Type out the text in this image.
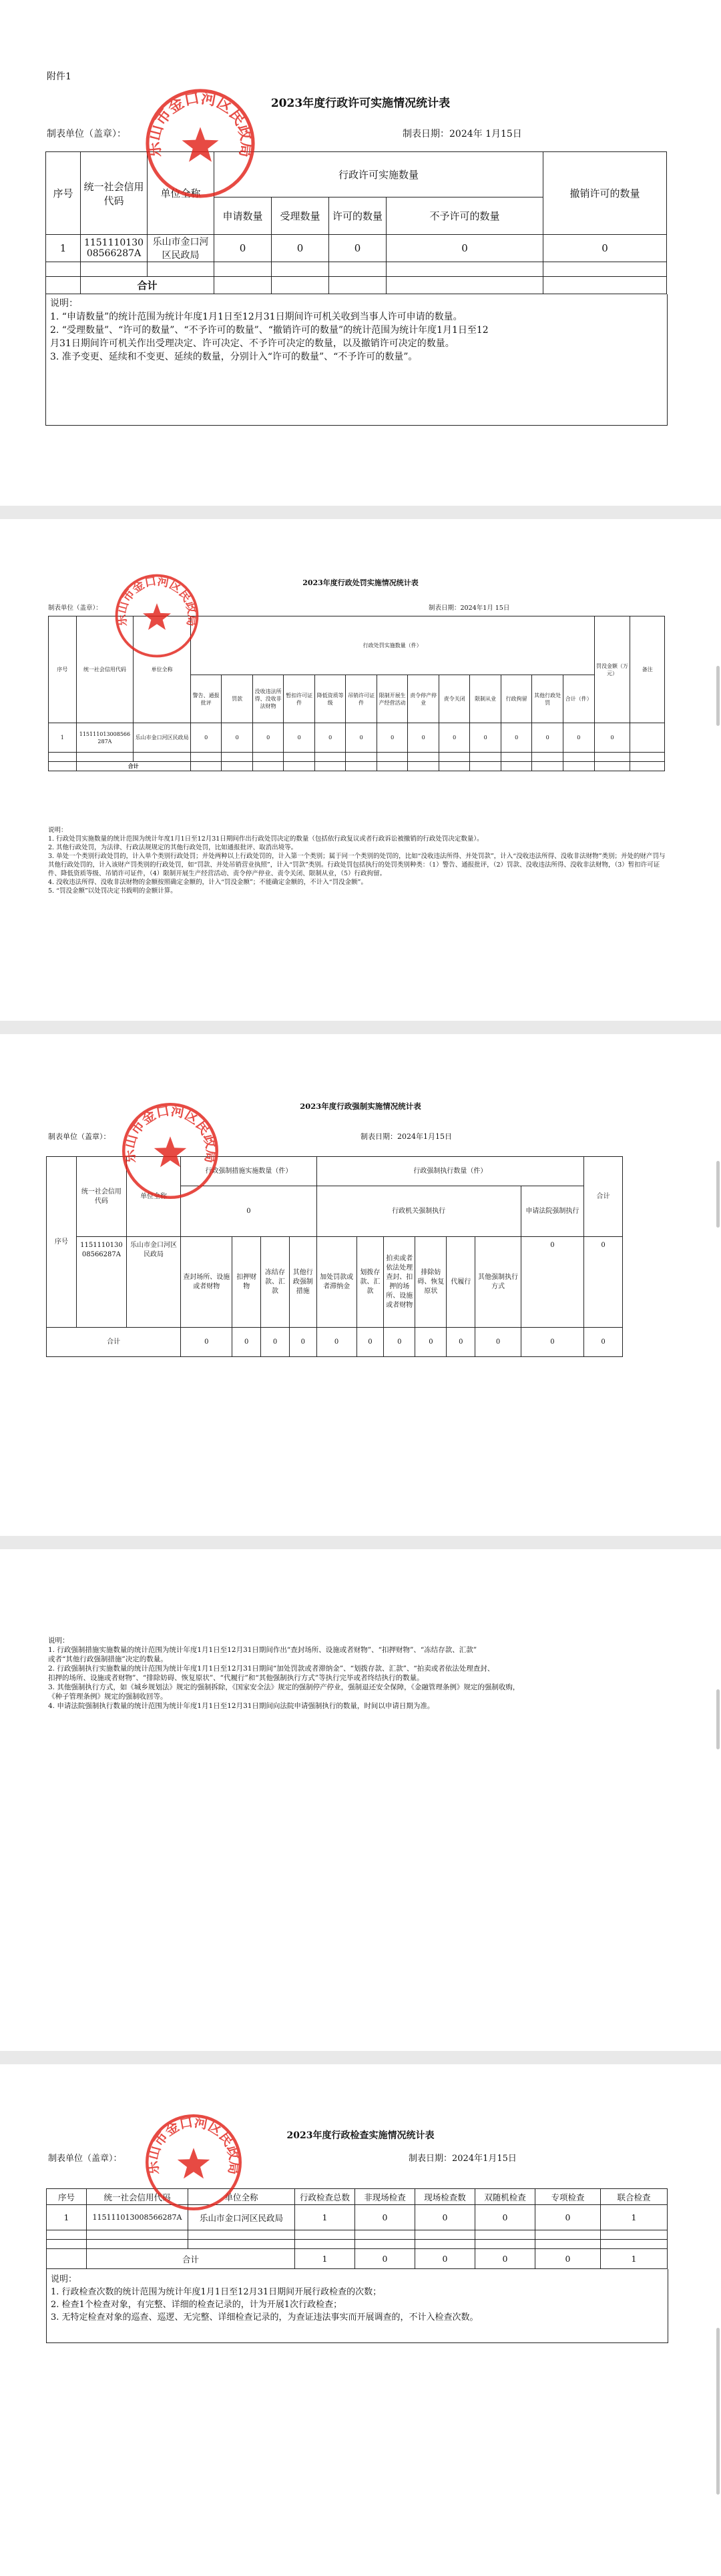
附件1
2023年度行政许可实施情况统计表
制表单位（盖章）：	制表日期：2024年 1月15日
序号	统一社会信用代码	单位全称	行政许可实施数量				撤销许可的数量
			申请数量	受理数量	许可的数量	不予许可的数量	

1	115111013008566287A	乐山市金口河区民政局	0	0	0	0	0

	合计						
说明：
1. “申请数量”的统计范围为统计年度1月1日至12月31日期间许可机关收到当事人许可申请的数量。
2. “受理数量”、“许可的数量”、“不予许可的数量”、“撤销许可的数量”的统计范围为统计年度1月1日至12
月31日期间许可机关作出受理决定、许可决定、不予许可决定的数量，以及撤销许可决定的数量。
3. 准予变更、延续和不变更、延续的数量，分别计入“许可的数量”、“不予许可的数量”。
乐山市金口河区民政局
2023年度行政处罚实施情况统计表
制表单位（盖章）：	制表日期：2024年1月 15日
序号	统一社会信用代码	单位全称	行政处罚实施数量（件）													罚没金额（万元）	备注
			警告、通报批评	罚款	没收违法所得、没收非法财物	暂扣许可证件	降低资质等级	吊销许可证件	限制开展生产经营活动	责令停产停业	责令关闭	限制从业	行政拘留	其他行政处罚	合计（件）		
1	115111013008566287A	乐山市金口河区民政局	0	0	0	0	0	0	0	0	0	0	0	0	0	0	

	合计																
说明：
1. 行政处罚实施数量的统计范围为统计年度1月1日至12月31日期间作出行政处罚决定的数量（包括依行政复议或者行政诉讼被撤销的行政处罚决定数量）。
2. 其他行政处罚，为法律、行政法规规定的其他行政处罚，比如通报批评、取消出境等。
3. 单处一个类别行政处罚的，计入单个类别行政处罚；并处两种以上行政处罚的，计入第一个类别；属于同一个类别的处罚的，比如“没收违法所得、并处罚款”，计入“没收违法所得、没收非法财物”类别；并处的财产罚与其他行政处罚的，计入该财产罚类别的行政处罚，如“罚款、并处吊销营业执照”，计入“罚款”类别。行政处罚包括执行的处罚类别种类：（1）警告、通报批评，（2）罚款、没收违法所得、没收非法财物，（3）暂扣许可证件、降低资质等级、吊销许可证件，（4）限制开展生产经营活动、责令停产停业、责令关闭、限制从业，（5）行政拘留。
4. 没收违法所得、没收非法财物的金额按照确定金额的，计入“罚没金额”；不能确定金额的，不计入“罚没金额”。
5. “罚没金额”以处罚决定书载明的金额计算。
乐山市金口河区民政局
2023年度行政强制实施情况统计表
制表单位（盖章）：	制表日期：2024年1月15日
序号	统一社会信用代码	单位全称	行政强制措施实施数量（件）				行政强制执行数量（件）							合计
			0				行政机关强制执行						申请法院强制执行	
	115111013008566287A	乐山市金口河区民政局	查封场所、设施或者财物	扣押财物	冻结存款、汇款	其他行政强制措施	加处罚款或者滞纳金	划拨存款、汇款	拍卖或者依法处理查封、扣押的场所、设施或者财物	排除妨碍、恢复原状	代履行	其他强制执行方式	0	0
合计			0	0	0	0	0	0	0	0	0	0	0	0
乐山市金口河区民政局
说明：
1. 行政强制措施实施数量的统计范围为统计年度1月1日至12月31日期间作出“查封场所、设施或者财物”、“扣押财物”、“冻结存款、汇款”
或者“其他行政强制措施”决定的数量。
2. 行政强制执行实施数量的统计范围为统计年度1月1日至12月31日期间“加处罚款或者滞纳金”、“划拨存款、汇款”、“拍卖或者依法处理查封、
扣押的场所、设施或者财物”、“排除妨碍、恢复原状”、“代履行”和“其他强制执行方式”等执行完毕或者终结执行的数量。
3. 其他强制执行方式，如《城乡规划法》规定的强制拆除，《国家安全法》规定的强制停产停业，强制退还安全保障，《金融管理条例》规定的强制收购，
《种子管理条例》规定的强制收回等。
4. 申请法院强制执行数量的统计范围为统计年度1月1日至12月31日期间向法院申请强制执行的数量，时间以申请日期为准。
2023年度行政检查实施情况统计表
制表单位（盖章）：	制表日期：2024年1月15日
序号	统一社会信用代码	单位全称	行政检查总数	非现场检查	现场检查数	双随机检查	专项检查	联合检查
1	115111013008566287A	乐山市金口河区民政局	1	0	0	0	0	1

	合计		1	0	0	0	0	1
说明：
1. 行政检查次数的统计范围为统计年度1月1日至12月31日期间开展行政检查的次数；
2. 检查1个检查对象，有完整、详细的检查记录的，计为开展1次行政检查；
3. 无特定检查对象的巡查、巡逻、无完整、详细检查记录的，为查证违法事实而开展调查的，不计入检查次数。
乐山市金口河区民政局
